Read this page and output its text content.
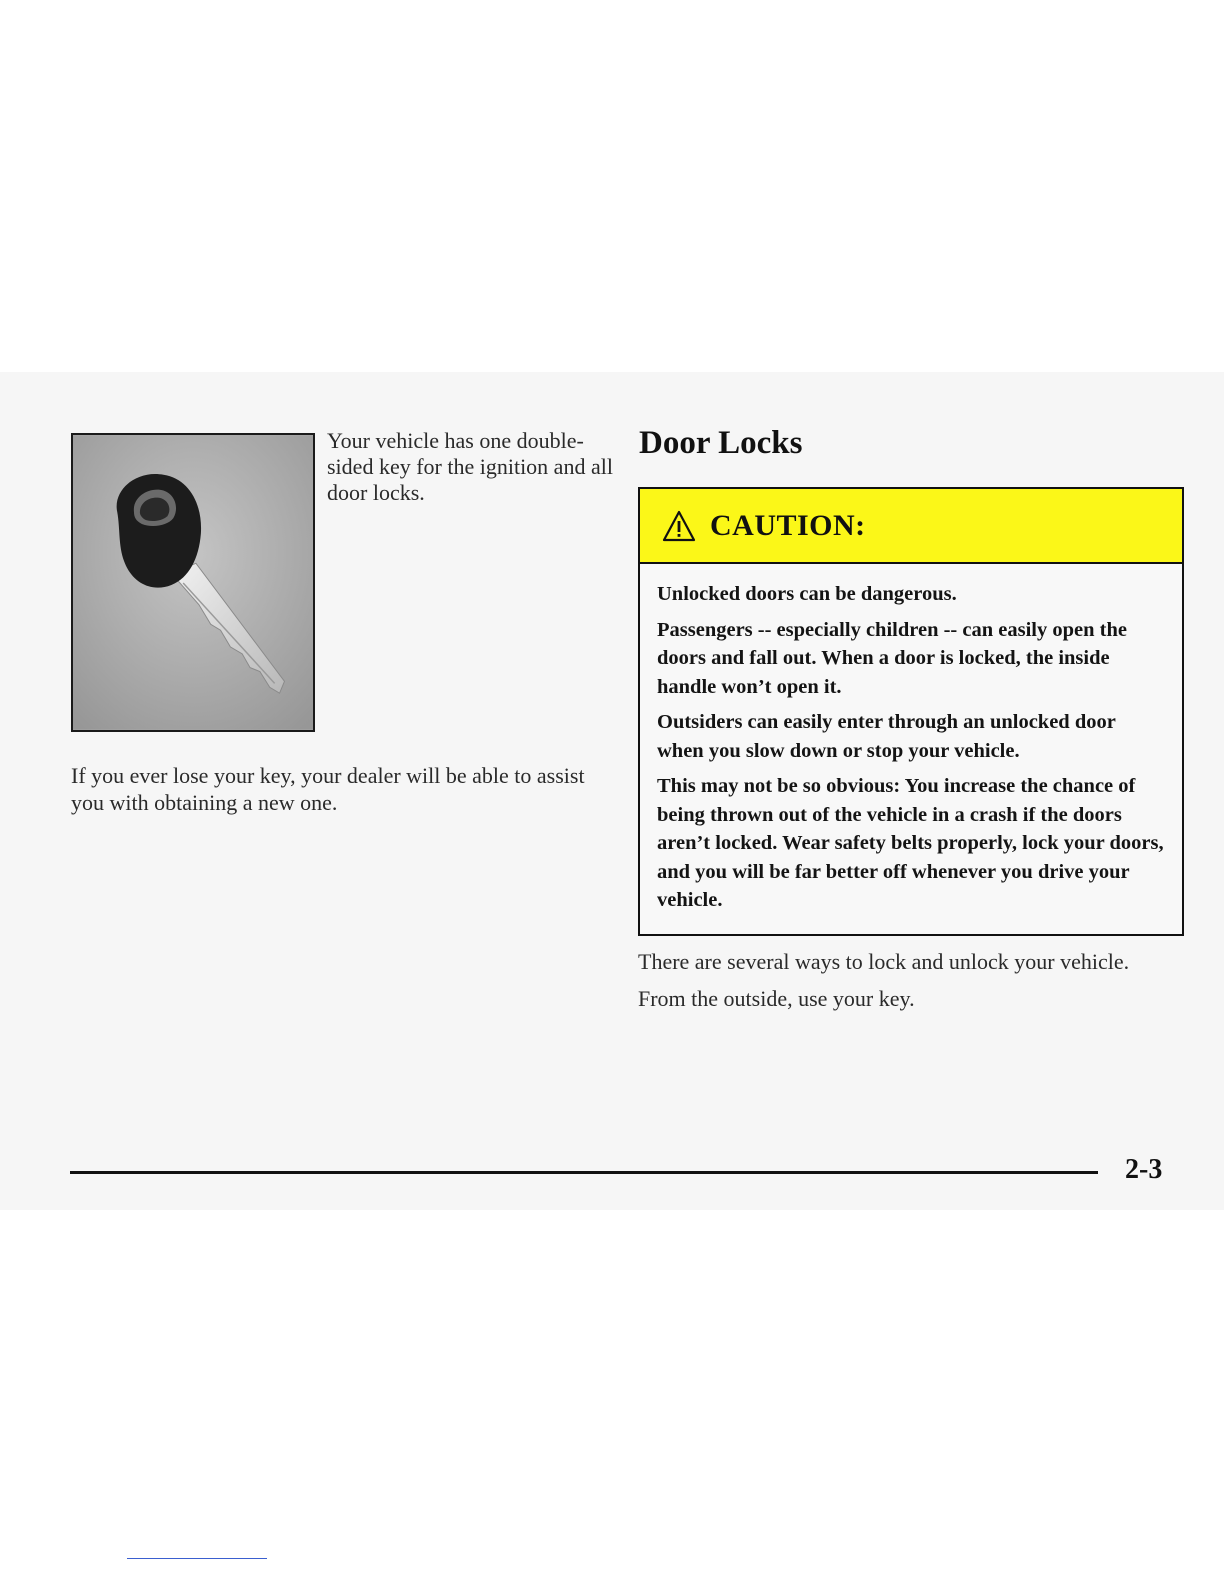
Your vehicle has one double-sided key for the ignition and all door locks.

If you ever lose your key, your dealer will be able to assist you with obtaining a new one.

Door Locks
CAUTION:

Unlocked doors can be dangerous.

Passengers -- especially children -- can easily open the doors and fall out. When a door is locked, the inside handle won’t open it.

Outsiders can easily enter through an unlocked door when you slow down or stop your vehicle.

This may not be so obvious: You increase the chance of being thrown out of the vehicle in a crash if the doors aren’t locked. Wear safety belts properly, lock your doors, and you will be far better off whenever you drive your vehicle.

There are several ways to lock and unlock your vehicle.

From the outside, use your key.

2-3
